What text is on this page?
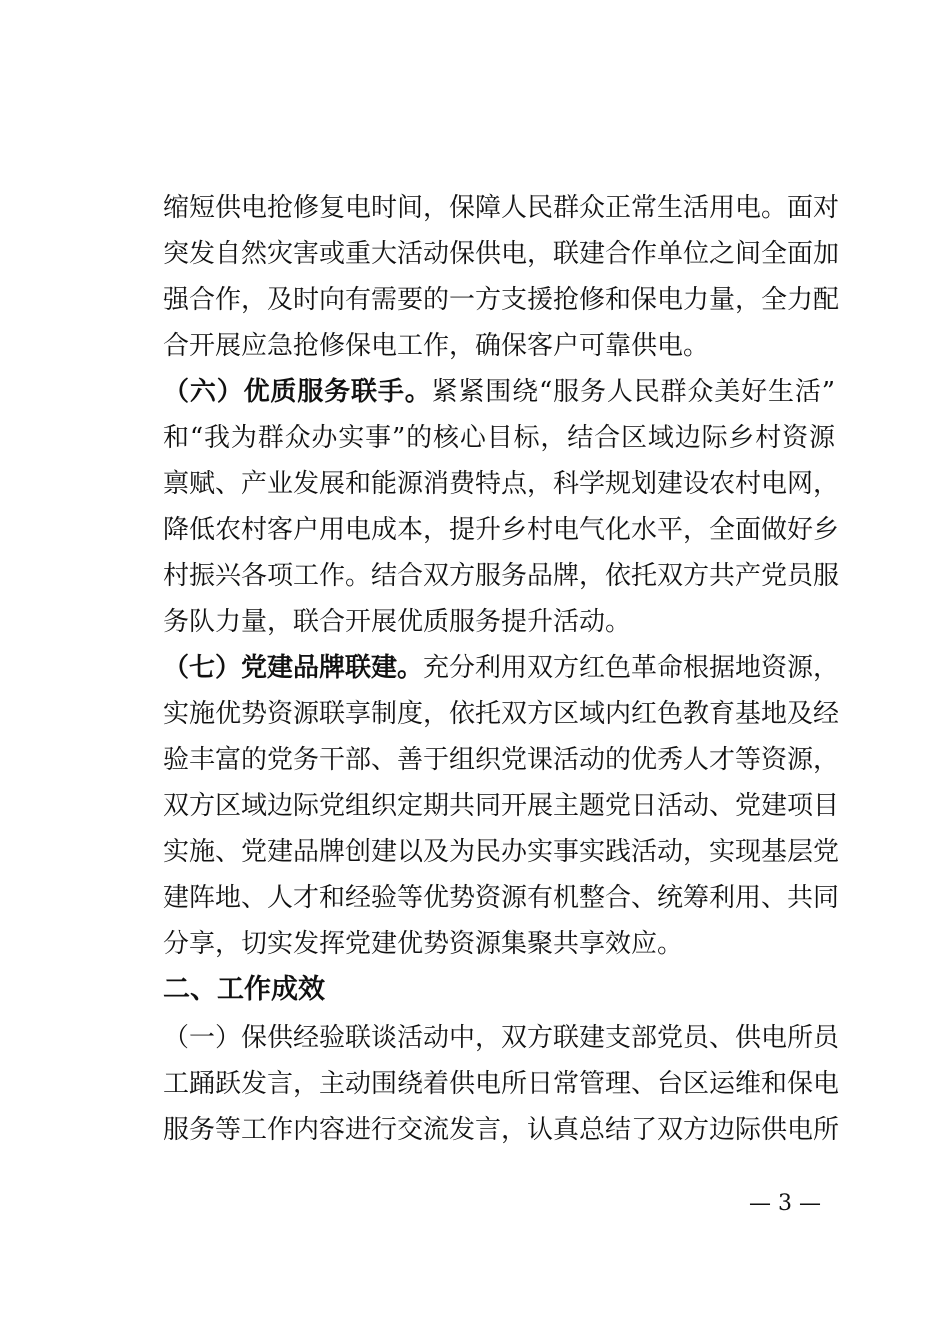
缩短供电抢修复电时间，保障人民群众正常生活用电。面对
突发自然灾害或重大活动保供电，联建合作单位之间全面加
强合作，及时向有需要的一方支援抢修和保电力量，全力配
合开展应急抢修保电工作，确保客户可靠供电。
（六）优质服务联手。紧紧围绕“服务人民群众美好生活”
和“我为群众办实事”的核心目标，结合区域边际乡村资源
禀赋、产业发展和能源消费特点，科学规划建设农村电网，
降低农村客户用电成本，提升乡村电气化水平，全面做好乡
村振兴各项工作。结合双方服务品牌，依托双方共产党员服
务队力量，联合开展优质服务提升活动。
（七）党建品牌联建。充分利用双方红色革命根据地资源，
实施优势资源联享制度，依托双方区域内红色教育基地及经
验丰富的党务干部、善于组织党课活动的优秀人才等资源，
双方区域边际党组织定期共同开展主题党日活动、党建项目
实施、党建品牌创建以及为民办实事实践活动，实现基层党
建阵地、人才和经验等优势资源有机整合、统筹利用、共同
分享，切实发挥党建优势资源集聚共享效应。
二、工作成效
（一）保供经验联谈活动中，双方联建支部党员、供电所员
工踊跃发言，主动围绕着供电所日常管理、台区运维和保电
服务等工作内容进行交流发言，认真总结了双方边际供电所
— 3 —
